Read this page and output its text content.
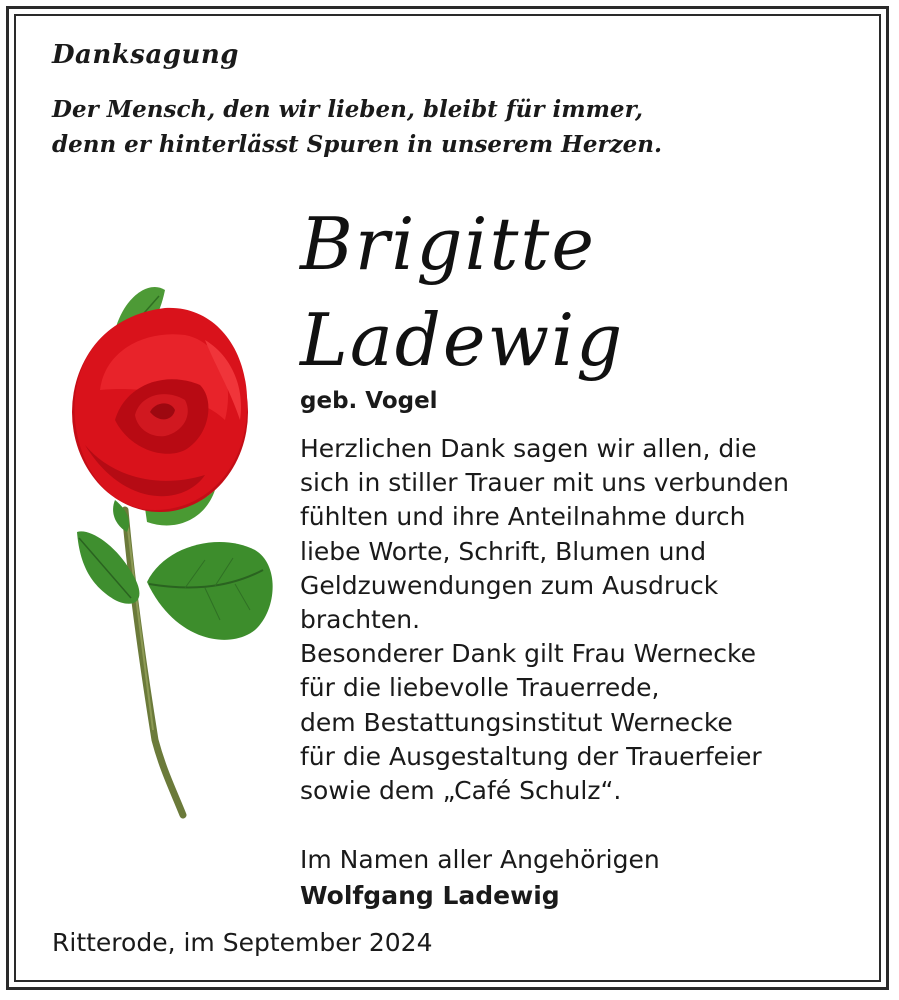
Danksagung
Der Mensch, den wir lieben, bleibt für immer,
denn er hinterlässt Spuren in unserem Herzen.
Brigitte
Ladewig
geb. Vogel
Herzlichen Dank sagen wir allen, die
sich in stiller Trauer mit uns verbunden
fühlten und ihre Anteilnahme durch
liebe Worte, Schrift, Blumen und
Geldzuwendungen zum Ausdruck
brachten.
Besonderer Dank gilt Frau Wernecke
für die liebevolle Trauerrede,
dem Bestattungsinstitut Wernecke
für die Ausgestaltung der Trauerfeier
sowie dem „Café Schulz“.
Im Namen aller Angehörigen
Wolfgang Ladewig
Ritterode, im September 2024
